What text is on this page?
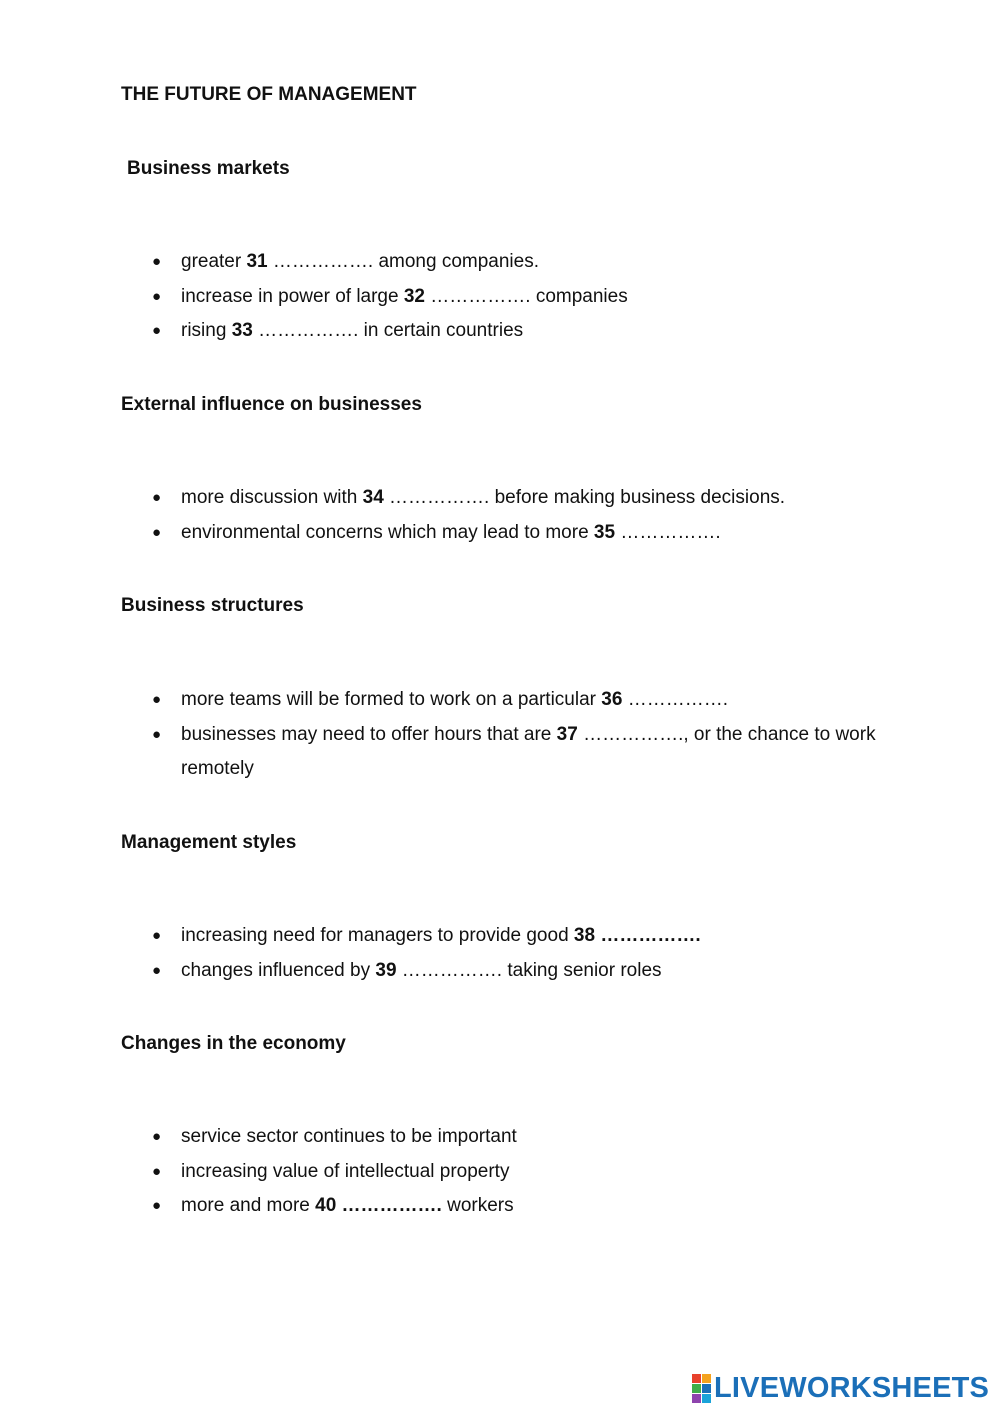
THE FUTURE OF MANAGEMENT
Business markets
● greater 31 ……………. among companies.
● increase in power of large 32 ……………. companies
● rising 33 ……………. in certain countries
External influence on businesses
● more discussion with 34 ……………. before making business decisions.
● environmental concerns which may lead to more 35 …………….
Business structures
● more teams will be formed to work on a particular 36 …………….
● businesses may need to offer hours that are 37 ……………., or the chance to work remotely
Management styles
● increasing need for managers to provide good 38 …………….
● changes influenced by 39 ……………. taking senior roles
Changes in the economy
● service sector continues to be important
● increasing value of intellectual property
● more and more 40 ……………. workers
LIVEWORKSHEETS
